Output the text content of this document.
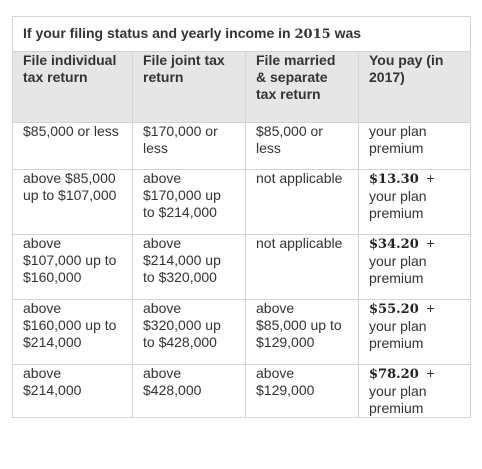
If your filing status and yearly income in 2015 was			
File individual tax return	File joint tax return	File married & separate tax return	You pay (in 2017)
$85,000 or less	$170,000 or less	$85,000 or less	your plan premium
above $85,000 up to $107,000	above $170,000 up to $214,000	not applicable	$13.30 + your plan premium
above $107,000 up to $160,000	above $214,000 up to $320,000	not applicable	$34.20 + your plan premium
above $160,000 up to $214,000	above $320,000 up to $428,000	above $85,000 up to $129,000	$55.20 + your plan premium
above $214,000	above $428,000	above $129,000	$78.20 + your plan premium
